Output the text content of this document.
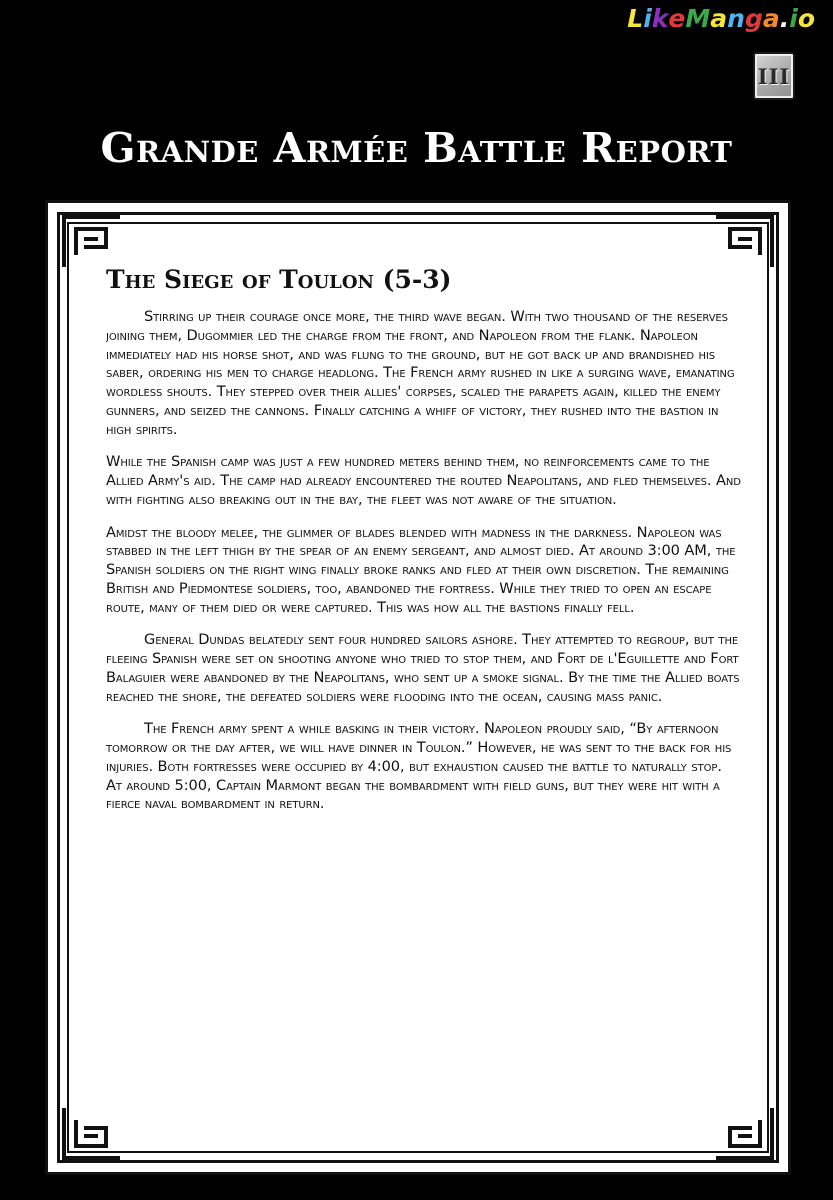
LikeManga.io
III
Grande Armée Battle Report
The Siege of Toulon (5-3)

Stirring up their courage once more, the third wave began. With two thousand of the reserves joining them, Dugommier led the charge from the front, and Napoleon from the flank. Napoleon immediately had his horse shot, and was flung to the ground, but he got back up and brandished his saber, ordering his men to charge headlong. The French army rushed in like a surging wave, emanating wordless shouts. They stepped over their allies' corpses, scaled the parapets again, killed the enemy gunners, and seized the cannons. Finally catching a whiff of victory, they rushed into the bastion in high spirits.

While the Spanish camp was just a few hundred meters behind them, no reinforcements came to the Allied Army's aid. The camp had already encountered the routed Neapolitans, and fled themselves. And with fighting also breaking out in the bay, the fleet was not aware of the situation.

Amidst the bloody melee, the glimmer of blades blended with madness in the darkness. Napoleon was stabbed in the left thigh by the spear of an enemy sergeant, and almost died. At around 3:00 AM, the Spanish soldiers on the right wing finally broke ranks and fled at their own discretion. The remaining British and Piedmontese soldiers, too, abandoned the fortress. While they tried to open an escape route, many of them died or were captured. This was how all the bastions finally fell.

General Dundas belatedly sent four hundred sailors ashore. They attempted to regroup, but the fleeing Spanish were set on shooting anyone who tried to stop them, and Fort de l'Eguillette and Fort Balaguier were abandoned by the Neapolitans, who sent up a smoke signal. By the time the Allied boats reached the shore, the defeated soldiers were flooding into the ocean, causing mass panic.

The French army spent a while basking in their victory. Napoleon proudly said, “By afternoon tomorrow or the day after, we will have dinner in Toulon.” However, he was sent to the back for his injuries. Both fortresses were occupied by 4:00, but exhaustion caused the battle to naturally stop. At around 5:00, Captain Marmont began the bombardment with field guns, but they were hit with a fierce naval bombardment in return.
